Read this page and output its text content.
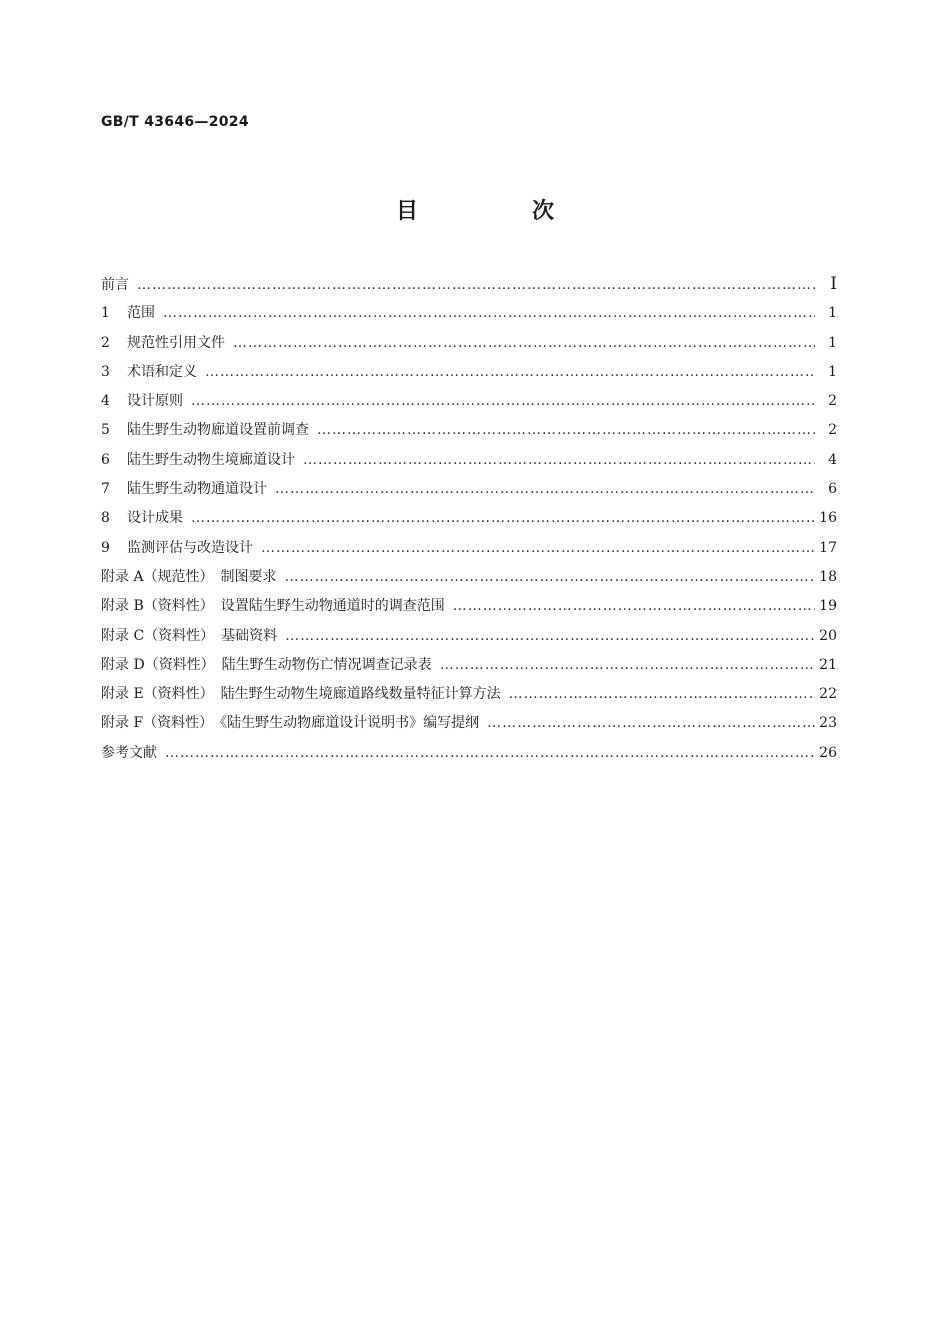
GB/T 43646—2024
目　次
前言 ……………………………………………………………………………………………………………………………………………………………………………………………………………………………………………………	Ⅰ
1	范围 ……………………………………………………………………………………………………………………………………………………………………………………………………………………………………………………	1
2	规范性引用文件 ……………………………………………………………………………………………………………………………………………………………………………………………………………………………………………………	1
3	术语和定义 ……………………………………………………………………………………………………………………………………………………………………………………………………………………………………………………	1
4	设计原则 ……………………………………………………………………………………………………………………………………………………………………………………………………………………………………………………	2
5	陆生野生动物廊道设置前调查 ……………………………………………………………………………………………………………………………………………………………………………………………………………………………………………………	2
6	陆生野生动物生境廊道设计 ……………………………………………………………………………………………………………………………………………………………………………………………………………………………………………………	4
7	陆生野生动物通道设计 ……………………………………………………………………………………………………………………………………………………………………………………………………………………………………………………	6
8	设计成果 ……………………………………………………………………………………………………………………………………………………………………………………………………………………………………………………	16
9	监测评估与改造设计 ……………………………………………………………………………………………………………………………………………………………………………………………………………………………………………………	17
附录 A（规范性）　制图要求 ……………………………………………………………………………………………………………………………………………………………………………………………………………………………………………………	18
附录 B（资料性）　设置陆生野生动物通道时的调查范围 ……………………………………………………………………………………………………………………………………………………………………………………………………………………………………………………	19
附录 C（资料性）　基础资料 ……………………………………………………………………………………………………………………………………………………………………………………………………………………………………………………	20
附录 D（资料性）　陆生野生动物伤亡情况调查记录表 ……………………………………………………………………………………………………………………………………………………………………………………………………………………………………………………	21
附录 E（资料性）　陆生野生动物生境廊道路线数量特征计算方法 ……………………………………………………………………………………………………………………………………………………………………………………………………………………………………………………	22
附录 F（资料性）　《陆生野生动物廊道设计说明书》编写提纲 ……………………………………………………………………………………………………………………………………………………………………………………………………………………………………………………	23
参考文献 ……………………………………………………………………………………………………………………………………………………………………………………………………………………………………………………	26
